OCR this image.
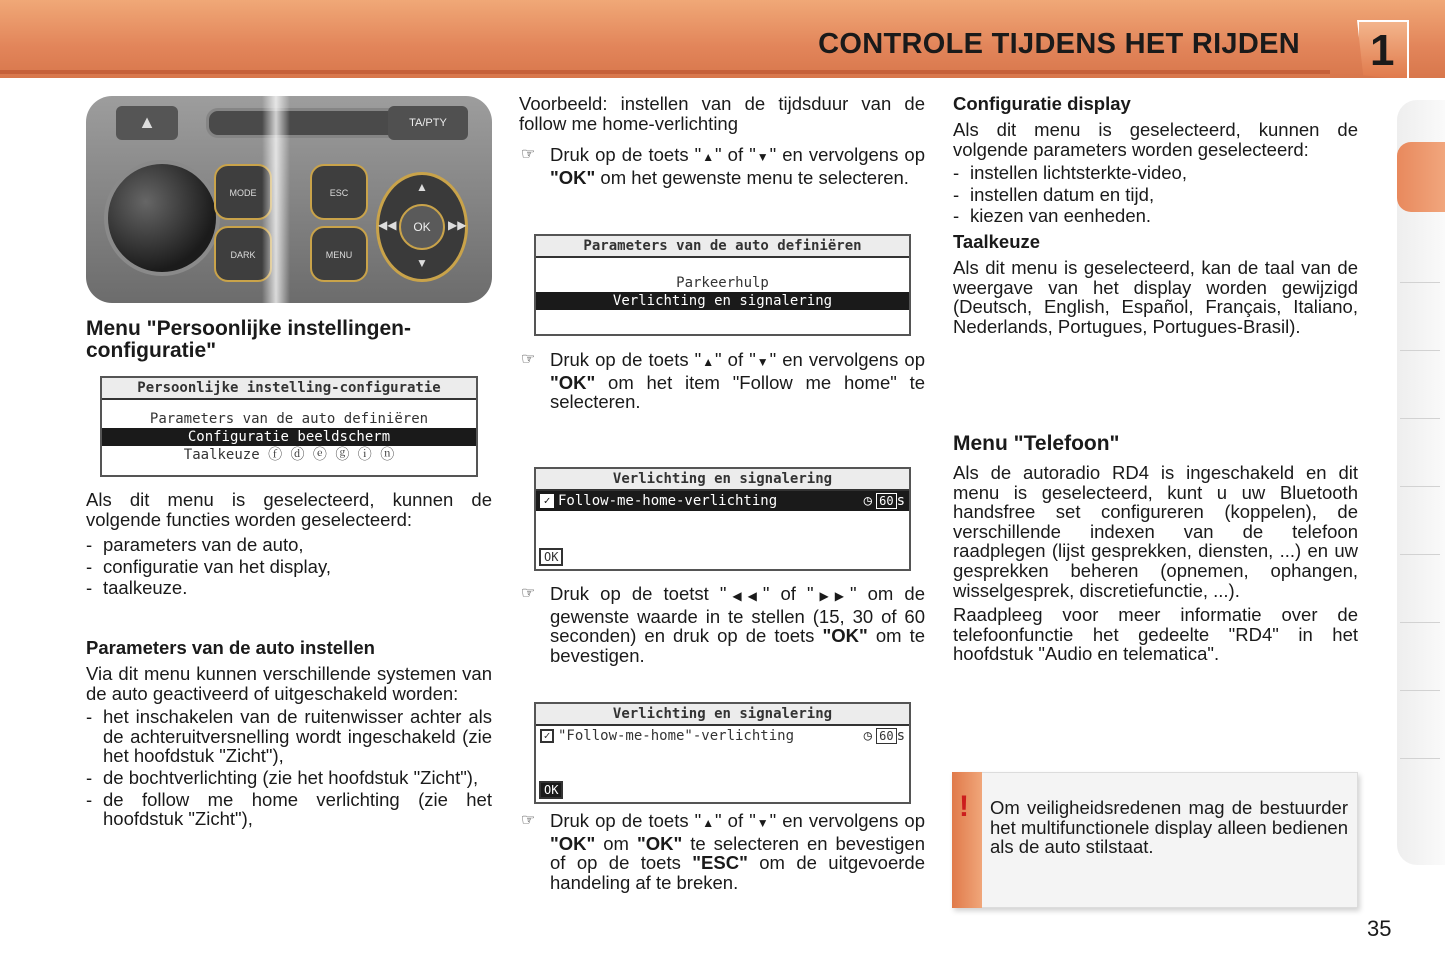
CONTROLE TIJDENS HET RIJDEN 1
▲	TA/PTY
MODE
DARK
ESC
MENU
OK
▲
▼
◀◀	▶▶
Menu "Persoonlijke instellingen-configuratie"
Persoonlijke instelling-configuratie
Parameters van de auto definiëren
Configuratie beeldscherm
Taalkeuze ⓕ ⓓ ⓔ ⓖ ⓘ ⓝ

Als dit menu is geselecteerd, kunnen de volgende functies worden geselecteerd:

- parameters van de auto,
- configuratie van het display,
- taalkeuze.
Parameters van de auto instellen

Via dit menu kunnen verschillende systemen van de auto geactiveerd of uitgeschakeld worden:

- het inschakelen van de ruitenwisser achter als de achteruitversnelling wordt ingeschakeld (zie het hoofdstuk "Zicht"),
- de bochtverlichting (zie het hoofdstuk "Zicht"),
- de follow me home verlichting (zie het hoofdstuk "Zicht"),

Voorbeeld: instellen van de tijdsduur van de follow me home-verlichting

☞ Druk op de toets "▲" of "▼" en vervolgens op "OK" om het gewenste menu te selecteren.
Parameters van de auto definiëren
Parkeerhulp
Verlichting en signalering
☞ Druk op de toets "▲" of "▼" en vervolgens op "OK" om het item "Follow me home" te selecteren.
Verlichting en signalering
✓ Follow-me-home-verlichting	◷ 60 s
OK
☞ Druk op de toetst "◀◀" of "▶▶" om de gewenste waarde in te stellen (15, 30 of 60 seconden) en druk op de toets "OK" om te bevestigen.
Verlichting en signalering
✓ "Follow-me-home"-verlichting	◷ 60 s
OK
☞ Druk op de toets "▲" of "▼" en vervolgens op "OK" om "OK" te selecteren en bevestigen of op de toets "ESC" om de uitgevoerde handeling af te breken.
Configuratie display

Als dit menu is geselecteerd, kunnen de volgende parameters worden geselecteerd:

- instellen lichtsterkte-video,
- instellen datum en tijd,
- kiezen van eenheden.
Taalkeuze

Als dit menu is geselecteerd, kan de taal van de weergave van het display worden gewijzigd (Deutsch, English, Español, Français, Italiano, Nederlands, Portugues, Portugues-Brasil).

Menu "Telefoon"

Als de autoradio RD4 is ingeschakeld en dit menu is geselecteerd, kunt u uw Bluetooth handsfree set configureren (koppelen), de verschillende indexen van de telefoon raadplegen (lijst gesprekken, diensten, ...) en uw gesprekken beheren (opnemen, ophangen, wisselgesprek, discretiefunctie, ...).

Raadpleeg voor meer informatie over de telefoonfunctie het gedeelte "RD4" in het hoofdstuk "Audio en telematica".

!	Om veiligheidsredenen mag de bestuurder het multifunctionele display alleen bedienen als de auto stilstaat.
35
